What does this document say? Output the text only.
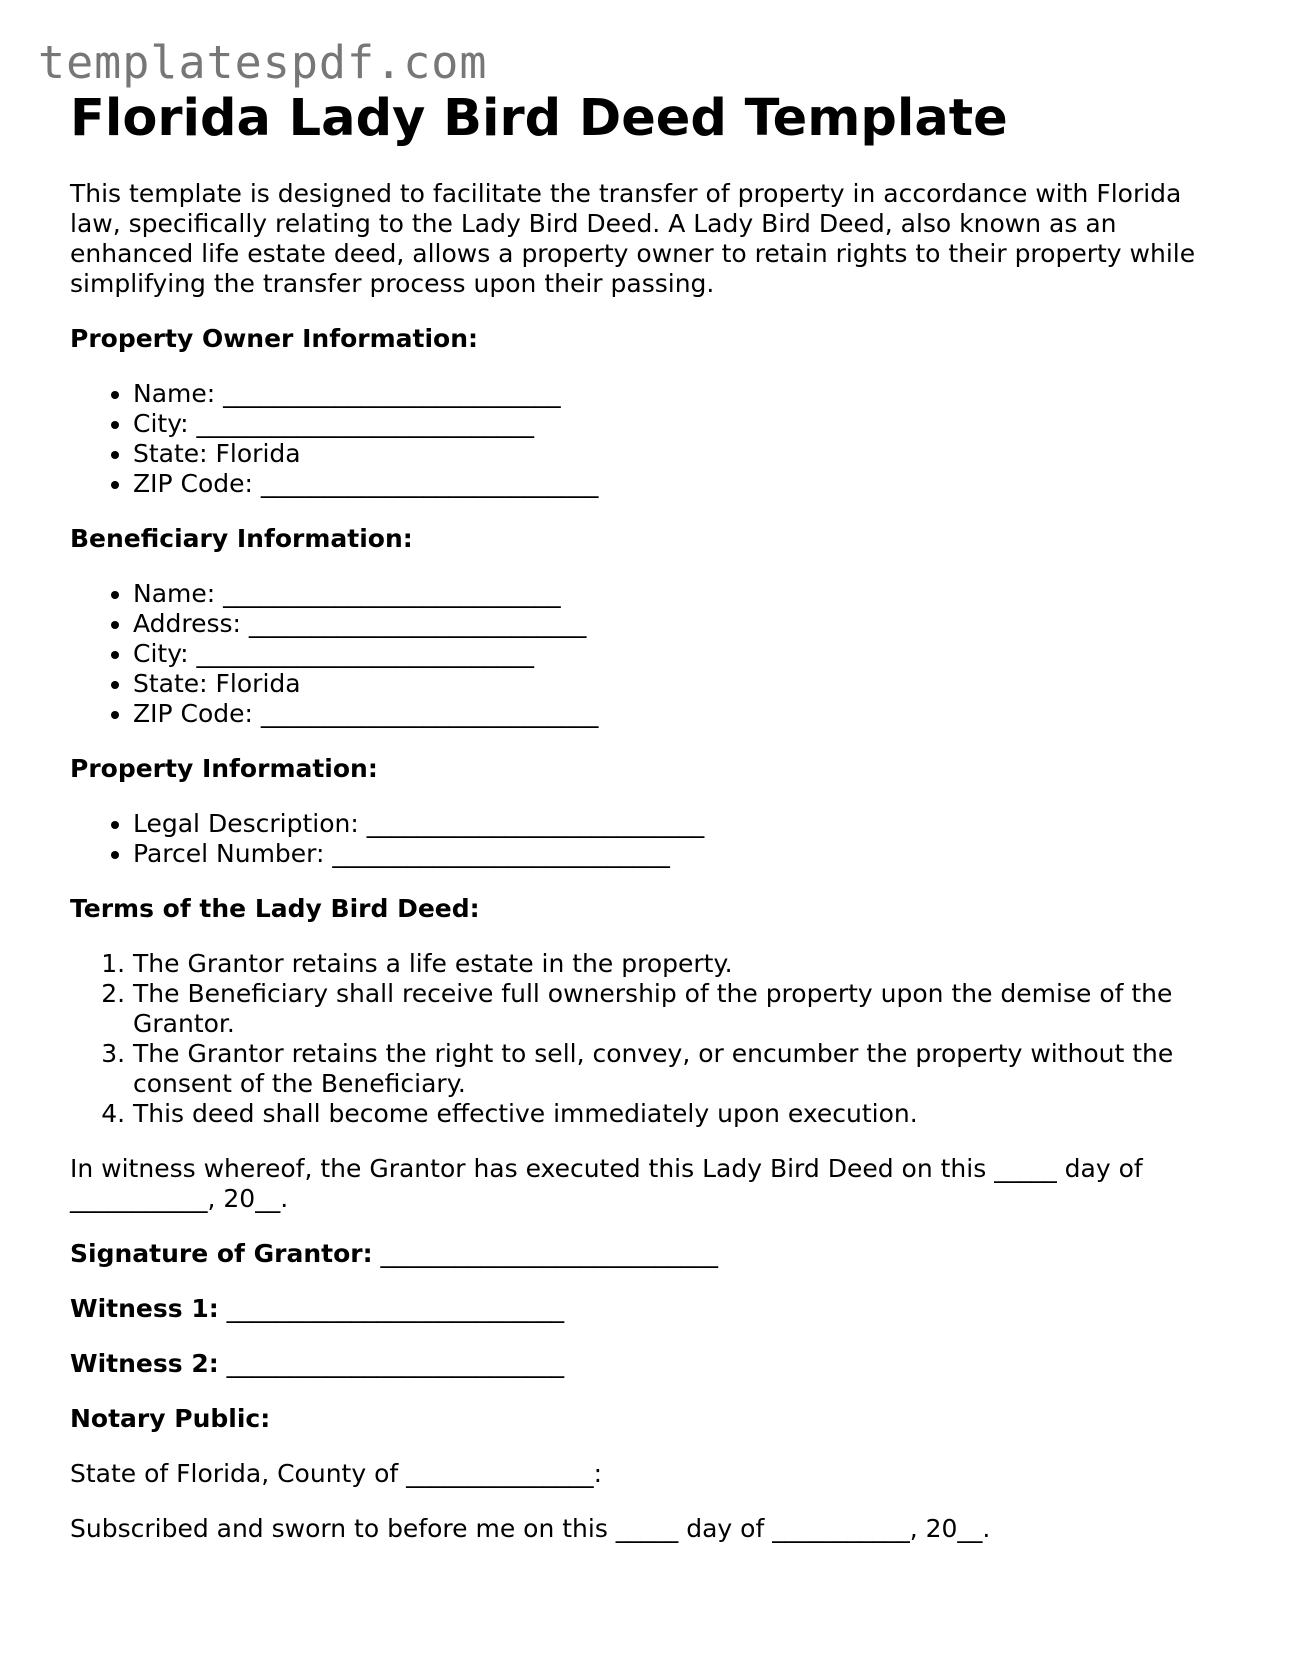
templatespdf.com
Florida Lady Bird Deed Template

This template is designed to facilitate the transfer of property in accordance with Florida law, specifically relating to the Lady Bird Deed. A Lady Bird Deed, also known as an enhanced life estate deed, allows a property owner to retain rights to their property while simplifying the transfer process upon their passing.

Property Owner Information:
• Name: ___________________________
• City: ___________________________
• State: Florida
• ZIP Code: ___________________________
Beneficiary Information:
• Name: ___________________________
• Address: ___________________________
• City: ___________________________
• State: Florida
• ZIP Code: ___________________________
Property Information:
• Legal Description: ___________________________
• Parcel Number: ___________________________
Terms of the Lady Bird Deed:
1. The Grantor retains a life estate in the property.
2. The Beneficiary shall receive full ownership of the property upon the demise of the Grantor.
3. The Grantor retains the right to sell, convey, or encumber the property without the consent of the Beneficiary.
4. This deed shall become effective immediately upon execution.

In witness whereof, the Grantor has executed this Lady Bird Deed on this _____ day of ___________, 20__.

Signature of Grantor: ___________________________

Witness 1: ___________________________

Witness 2: ___________________________

Notary Public:

State of Florida, County of _______________:

Subscribed and sworn to before me on this _____ day of ___________, 20__.
